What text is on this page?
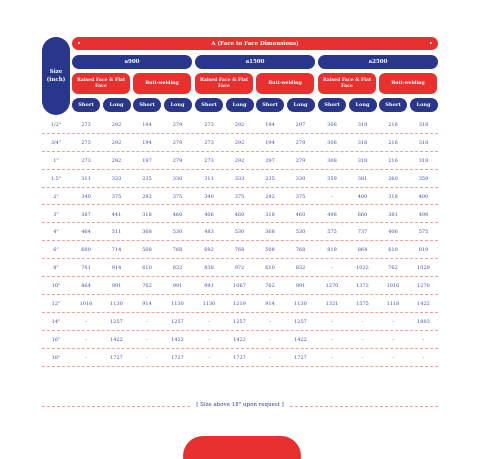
Size (inch)
A (Face to Face Dimensions)
a900	a1500	a2500
Raised Face & Flat Face
Butt-welding
Raised Face & Flat Face
Butt-welding
Raised Face & Flat Face
Butt-welding
Short	Long	Short	Long	Short	Long	Short	Long	Short	Long	Short	Long
1/2"	273	292	194	279	273	292	194	297	308	318	216	318
3/4"	273	292	194	279	273	292	194	279	308	318	216	318
1"	273	292	197	279	273	292	297	279	308	318	216	318
1.5"	311	333	235	330	311	333	235	330	359	381	260	359
2"	340	375	292	375	340	375	292	375	-	400	318	400
3"	387	441	318	460	406	460	318	460	498	660	381	498
4"	464	511	368	530	483	530	368	530	575	737	406	575
6"	600	714	508	768	692	768	508	768	819	864	610	819
8"	781	914	610	832	838	972	610	832	-	1022	762	1029
10"	864	991	762	991	991	1067	762	991	1270	1372	1016	1270
12"	1016	1130	914	1130	1130	1219	914	1130	1321	1575	1118	1422
14"	-	1257	-	1257	-	1257	-	1257	-	-	-	1803
16"	-	1422	-	1422	-	1422	-	1422	-	-	-	-
18"	-	1727	-	1727	-	1727	-	1727	-	-	-	-
[ Size above 18" upon request ]
